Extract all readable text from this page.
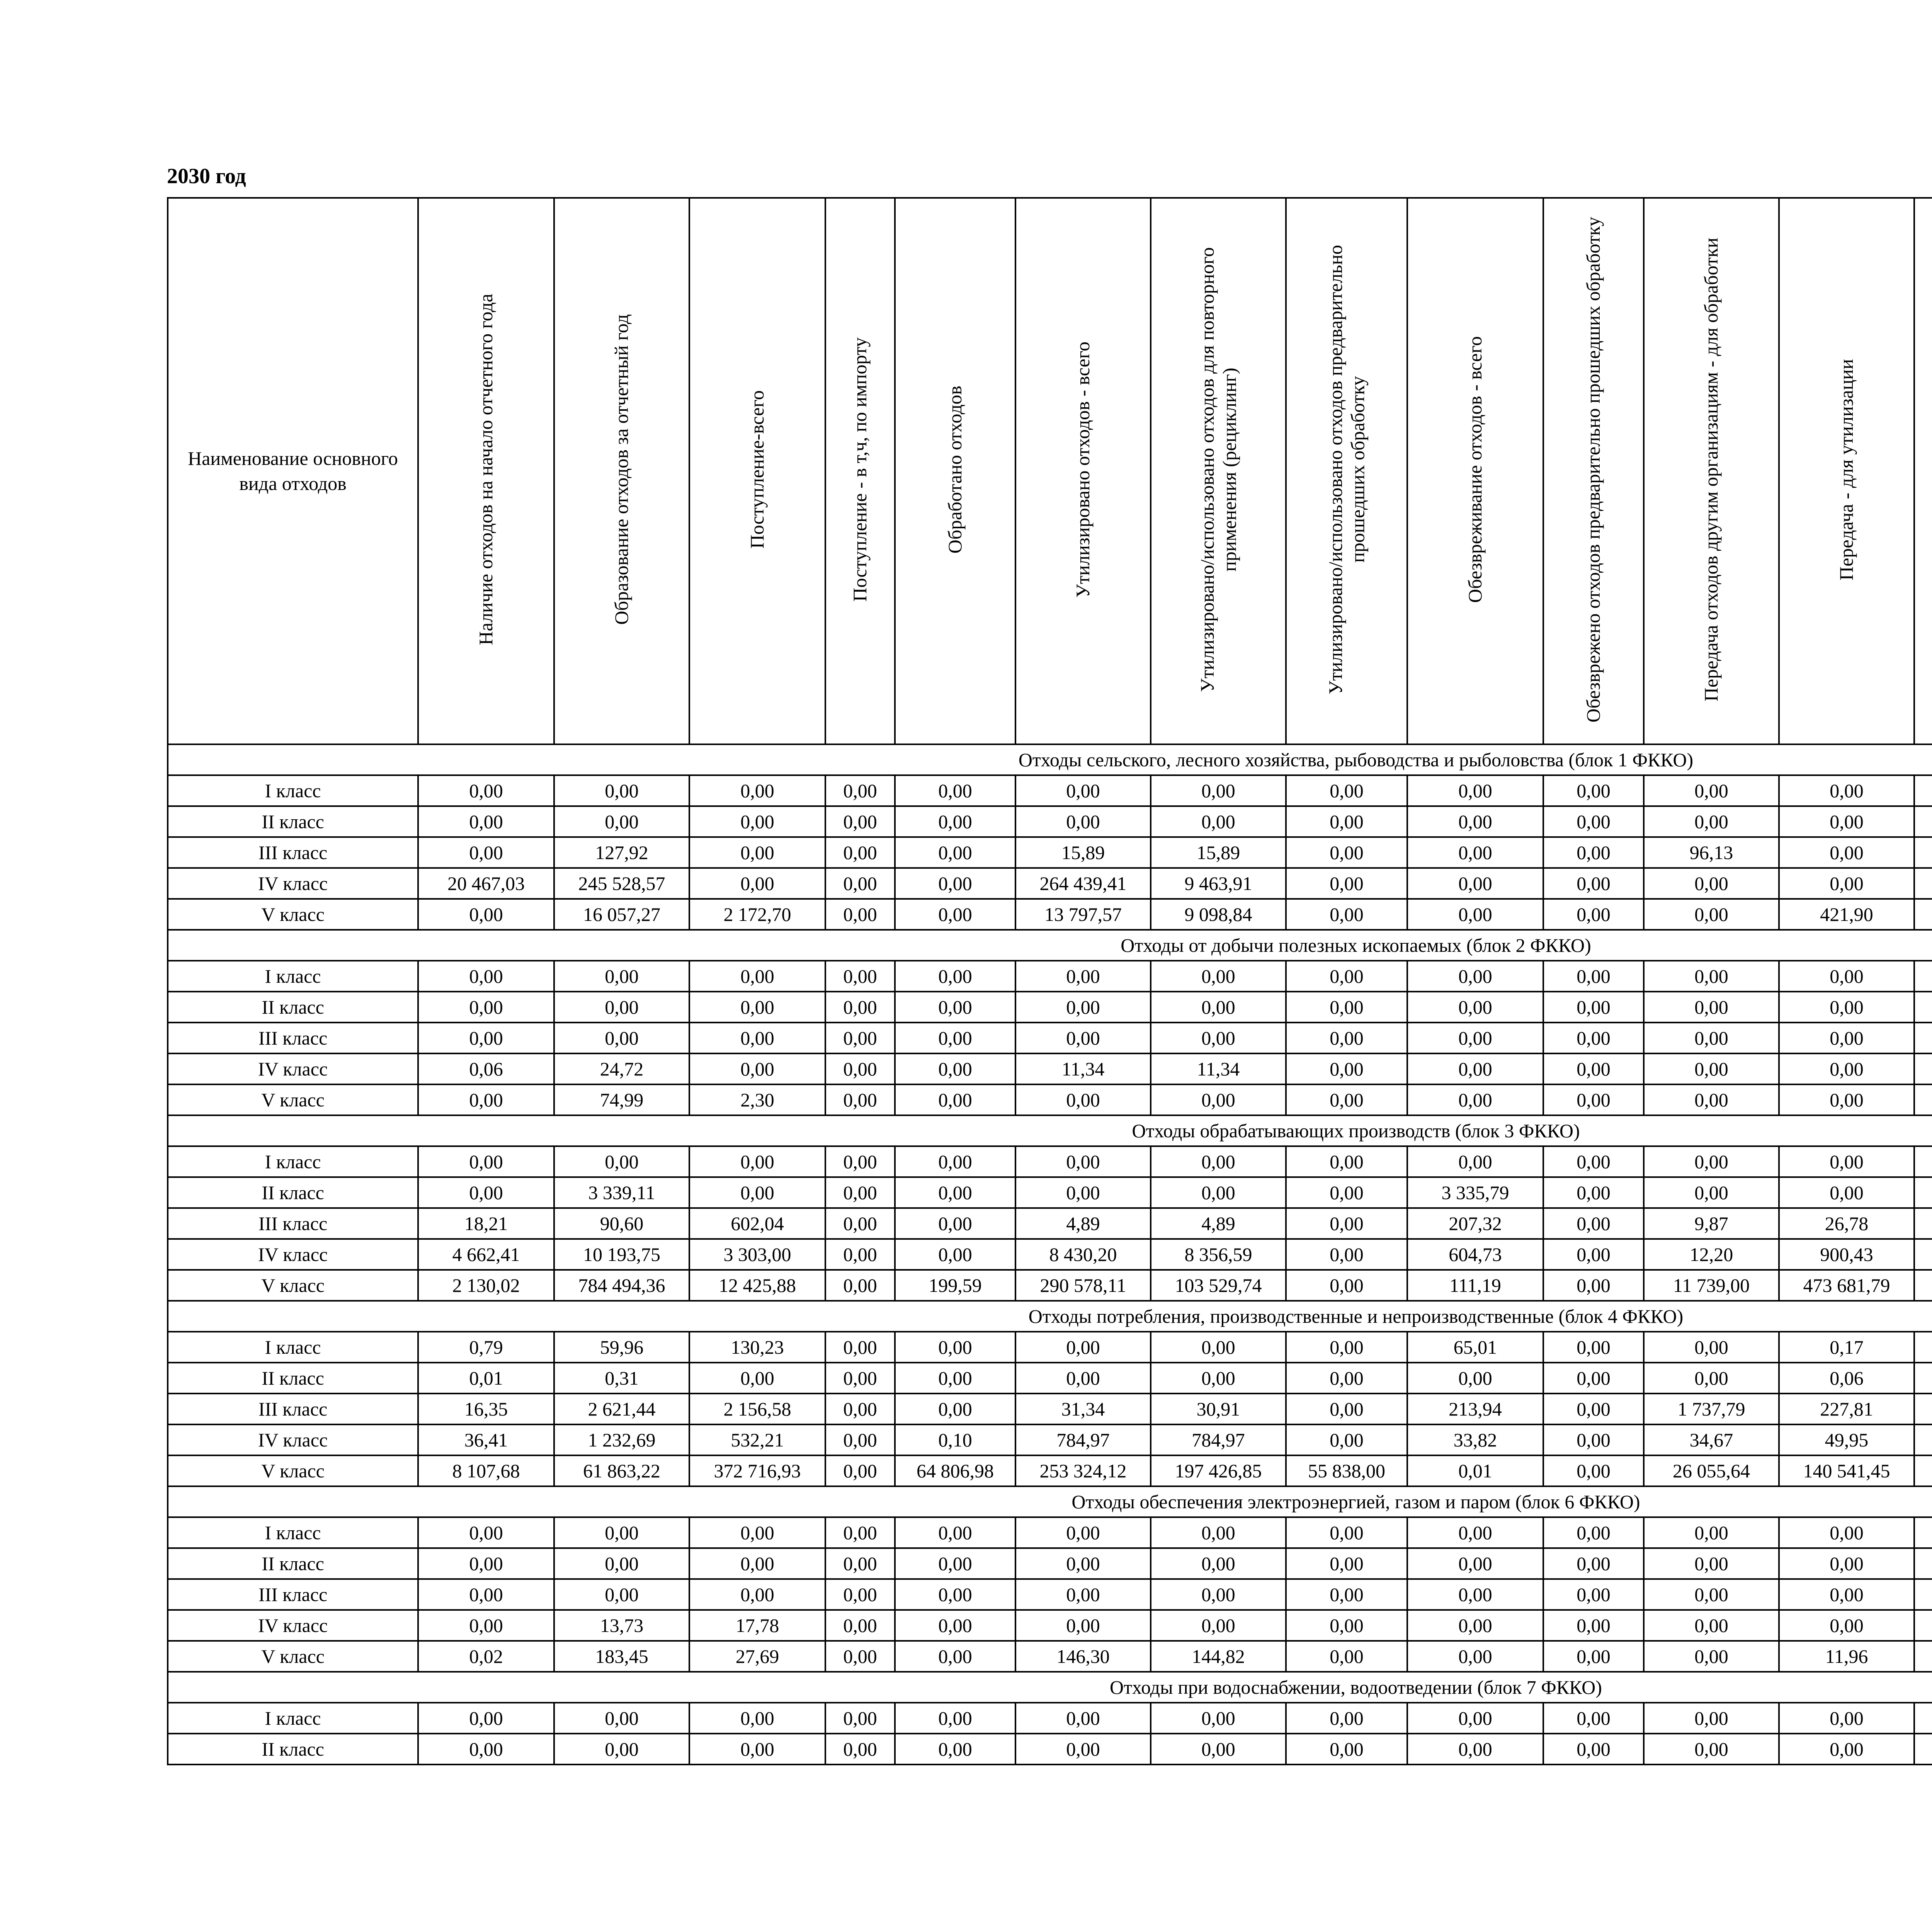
2030 год
Наименование основного вида отходов	Наличие отходов на начало отчетного года	Образование отходов за отчетный год	Поступление-всего	Поступление - в т,ч, по импорту	Обработано отходов	Утилизировано отходов - всего	Утилизировано/использовано отходов для повторного применения (рециклинг)	Утилизировано/использовано отходов предварительно прошедших обработку	Обезвреживание отходов - всего	Обезврежено отходов предварительно прошедших обработку	Передача отходов другим организациям - для обработки	Передача - для утилизации						
Отходы сельского, лесного хозяйства, рыбоводства и рыболовства (блок 1 ФККО)																		
I класс	0,00	0,00	0,00	0,00	0,00	0,00	0,00	0,00	0,00	0,00	0,00	0,00						
II класс	0,00	0,00	0,00	0,00	0,00	0,00	0,00	0,00	0,00	0,00	0,00	0,00						
III класс	0,00	127,92	0,00	0,00	0,00	15,89	15,89	0,00	0,00	0,00	96,13	0,00						
IV класс	20 467,03	245 528,57	0,00	0,00	0,00	264 439,41	9 463,91	0,00	0,00	0,00	0,00	0,00						
V класс	0,00	16 057,27	2 172,70	0,00	0,00	13 797,57	9 098,84	0,00	0,00	0,00	0,00	421,90						
Отходы от добычи полезных ископаемых (блок 2 ФККО)																		
I класс	0,00	0,00	0,00	0,00	0,00	0,00	0,00	0,00	0,00	0,00	0,00	0,00						
II класс	0,00	0,00	0,00	0,00	0,00	0,00	0,00	0,00	0,00	0,00	0,00	0,00						
III класс	0,00	0,00	0,00	0,00	0,00	0,00	0,00	0,00	0,00	0,00	0,00	0,00						
IV класс	0,06	24,72	0,00	0,00	0,00	11,34	11,34	0,00	0,00	0,00	0,00	0,00						
V класс	0,00	74,99	2,30	0,00	0,00	0,00	0,00	0,00	0,00	0,00	0,00	0,00						
Отходы обрабатывающих производств (блок 3 ФККО)																		
I класс	0,00	0,00	0,00	0,00	0,00	0,00	0,00	0,00	0,00	0,00	0,00	0,00						
II класс	0,00	3 339,11	0,00	0,00	0,00	0,00	0,00	0,00	3 335,79	0,00	0,00	0,00						
III класс	18,21	90,60	602,04	0,00	0,00	4,89	4,89	0,00	207,32	0,00	9,87	26,78						
IV класс	4 662,41	10 193,75	3 303,00	0,00	0,00	8 430,20	8 356,59	0,00	604,73	0,00	12,20	900,43						
V класс	2 130,02	784 494,36	12 425,88	0,00	199,59	290 578,11	103 529,74	0,00	111,19	0,00	11 739,00	473 681,79						
Отходы потребления, производственные и непроизводственные (блок 4 ФККО)																		
I класс	0,79	59,96	130,23	0,00	0,00	0,00	0,00	0,00	65,01	0,00	0,00	0,17						
II класс	0,01	0,31	0,00	0,00	0,00	0,00	0,00	0,00	0,00	0,00	0,00	0,06						
III класс	16,35	2 621,44	2 156,58	0,00	0,00	31,34	30,91	0,00	213,94	0,00	1 737,79	227,81						
IV класс	36,41	1 232,69	532,21	0,00	0,10	784,97	784,97	0,00	33,82	0,00	34,67	49,95						
V класс	8 107,68	61 863,22	372 716,93	0,00	64 806,98	253 324,12	197 426,85	55 838,00	0,01	0,00	26 055,64	140 541,45						
Отходы обеспечения электроэнергией, газом и паром (блок 6 ФККО)																		
I класс	0,00	0,00	0,00	0,00	0,00	0,00	0,00	0,00	0,00	0,00	0,00	0,00						
II класс	0,00	0,00	0,00	0,00	0,00	0,00	0,00	0,00	0,00	0,00	0,00	0,00						
III класс	0,00	0,00	0,00	0,00	0,00	0,00	0,00	0,00	0,00	0,00	0,00	0,00						
IV класс	0,00	13,73	17,78	0,00	0,00	0,00	0,00	0,00	0,00	0,00	0,00	0,00						
V класс	0,02	183,45	27,69	0,00	0,00	146,30	144,82	0,00	0,00	0,00	0,00	11,96						
Отходы при водоснабжении, водоотведении (блок 7 ФККО)																		
I класс	0,00	0,00	0,00	0,00	0,00	0,00	0,00	0,00	0,00	0,00	0,00	0,00						
II класс	0,00	0,00	0,00	0,00	0,00	0,00	0,00	0,00	0,00	0,00	0,00	0,00						
